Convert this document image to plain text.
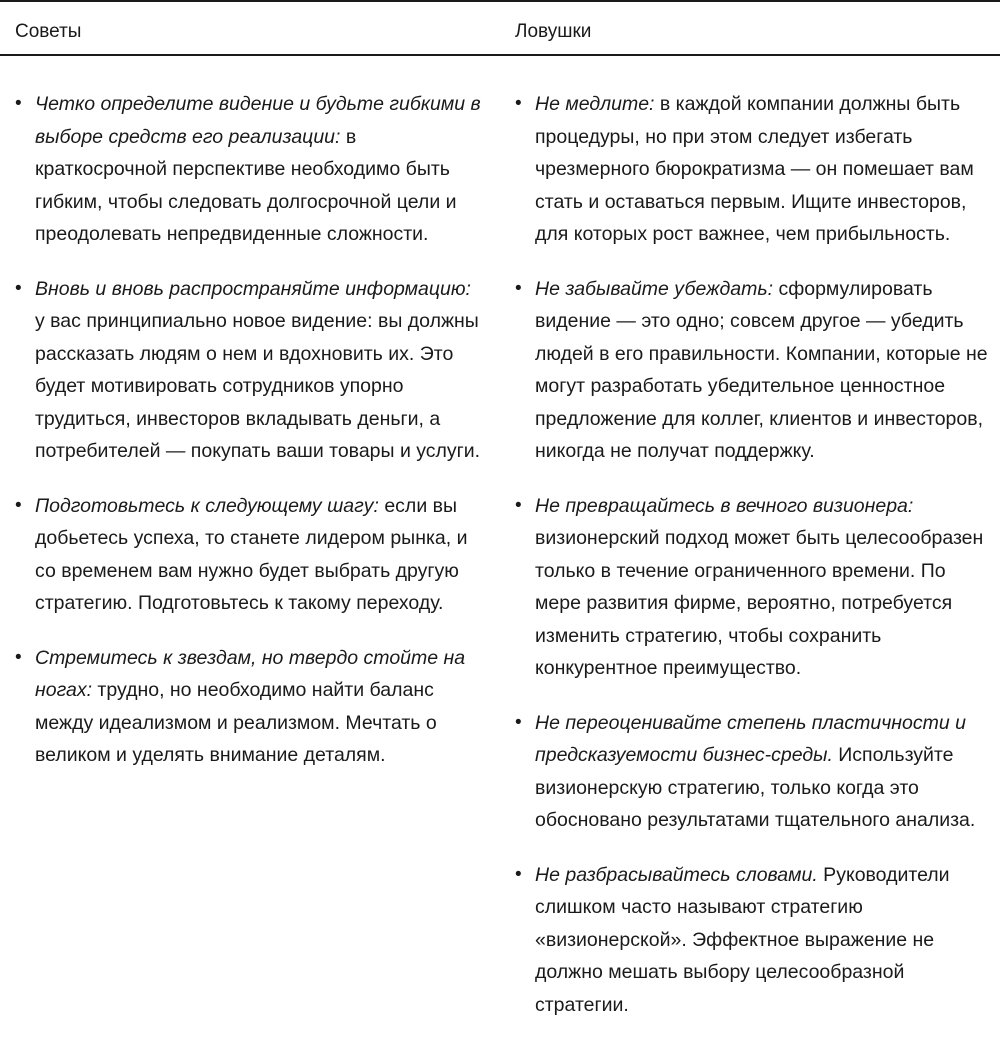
Советы	Ловушки
• Четко определите видение и будьте гибкими в выборе средств его реализации: в краткосрочной перспективе необходимо быть гибким, чтобы следовать долгосрочной цели и преодолевать непредвиденные сложности.
• Вновь и вновь распространяйте информацию: у вас принципиально новое видение: вы должны рассказать людям о нем и вдохновить их. Это будет мотивировать сотрудников упорно трудиться, инвесторов вкладывать деньги, а потребителей — покупать ваши товары и услуги.
• Подготовьтесь к следующему шагу: если вы добьетесь успеха, то станете лидером рынка, и со временем вам нужно будет выбрать другую стратегию. Подготовьтесь к такому переходу.
• Стремитесь к звездам, но твердо стойте на ногах: трудно, но необходимо найти баланс между идеализмом и реализмом. Мечтать о великом и уделять внимание деталям.
• Не медлите: в каждой компании должны быть процедуры, но при этом следует избегать чрезмерного бюрократизма — он помешает вам стать и оставаться первым. Ищите инвесторов, для которых рост важнее, чем прибыльность.
• Не забывайте убеждать: сформулировать видение — это одно; совсем другое — убедить людей в его правильности. Компании, которые не могут разработать убедительное ценностное предложение для коллег, клиентов и инвесторов, никогда не получат поддержку.
• Не превращайтесь в вечного визионера: визионерский подход может быть целесообразен только в течение ограниченного времени. По мере развития фирме, вероятно, потребуется изменить стратегию, чтобы сохранить конкурентное преимущество.
• Не переоценивайте степень пластичности и предсказуемости бизнес-среды. Используйте визионерскую стратегию, только когда это обосновано результатами тщательного анализа.
• Не разбрасывайтесь словами. Руководители слишком часто называют стратегию «визионерской». Эффектное выражение не должно мешать выбору целесообразной стратегии.
